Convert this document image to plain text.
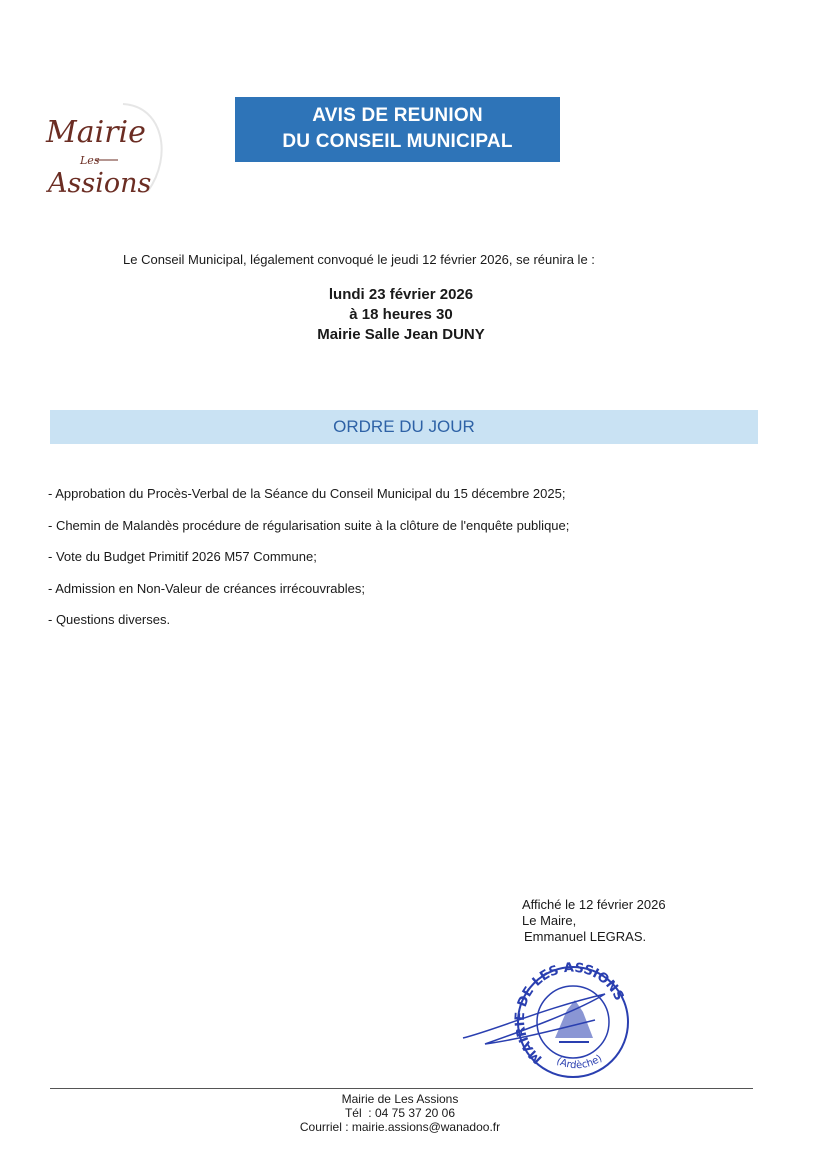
Mairie
Les
Assions
AVIS DE REUNION
DU CONSEIL MUNICIPAL
Le Conseil Municipal, légalement convoqué le jeudi 12 février 2026, se réunira le :
lundi 23 février 2026
à 18 heures 30
Mairie Salle Jean DUNY
ORDRE DU JOUR
- Approbation du Procès-Verbal de la Séance du Conseil Municipal du 15 décembre 2025;
- Chemin de Malandès procédure de régularisation suite à la clôture de l'enquête publique;
- Vote du Budget Primitif 2026 M57 Commune;
- Admission en Non-Valeur de créances irrécouvrables;
- Questions diverses.
Affiché le 12 février 2026
Le Maire,
Emmanuel LEGRAS.
MAIRIE DE LES ASSIONS
(Ardèche)
Mairie de Les Assions
Tél  : 04 75 37 20 06
Courriel : mairie.assions@wanadoo.fr
